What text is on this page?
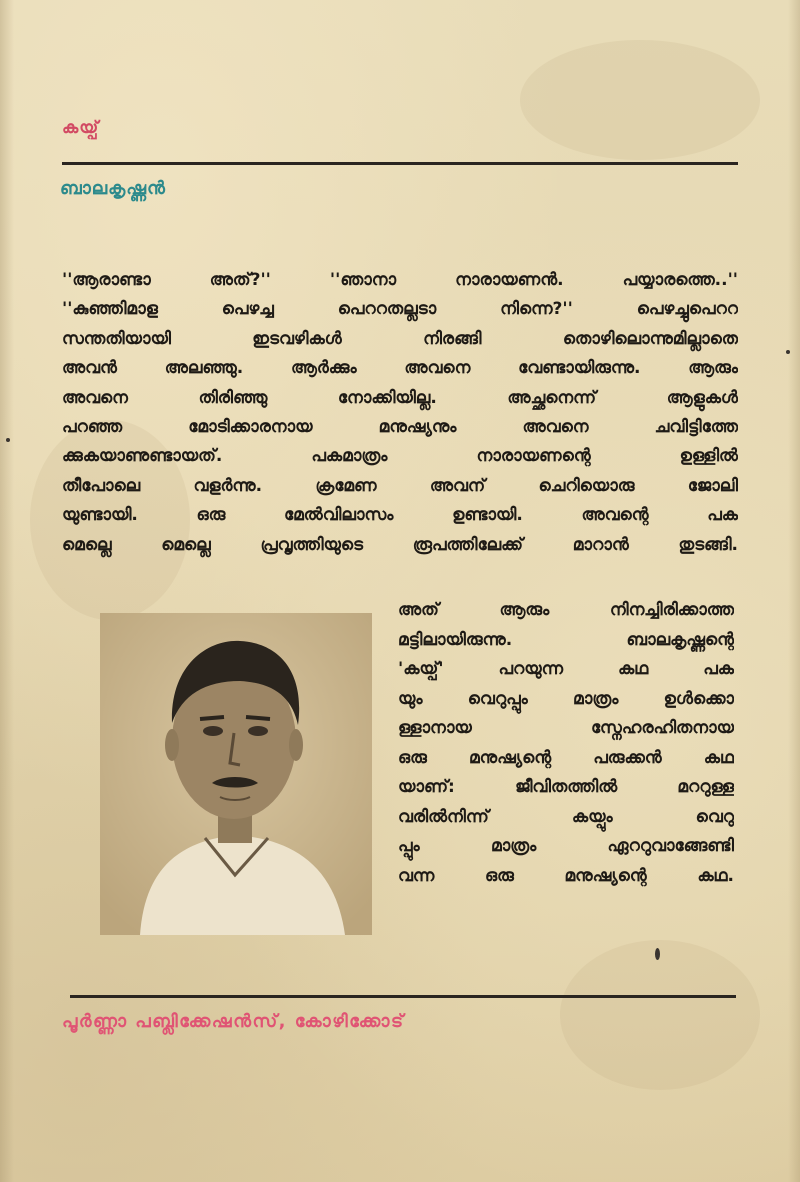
കയ്പ്
ബാലകൃഷ്ണൻ
''ആരാണ്ടാ അത്?'' ''ഞാനാ നാരായണൻ. പയ്യാരത്തെ..''
''കുഞ്ഞിമാള പെഴച്ച പെററതല്ലടാ നിന്നെ?'' പെഴച്ചുപെററ
സന്തതിയായി ഇടവഴികൾ നിരങ്ങി തൊഴിലൊന്നുമില്ലാതെ
അവൻ അലഞ്ഞു. ആർക്കും അവനെ വേണ്ടായിരുന്നു. ആരും
അവനെ തിരിഞ്ഞു നോക്കിയില്ല. അച്ഛനെന്ന് ആളുകൾ
പറഞ്ഞ മോടിക്കാരനായ മനുഷ്യനും അവനെ ചവിട്ടിത്തേ
ക്കുകയാണുണ്ടായത്. പകമാത്രം നാരായണന്റെ ഉള്ളിൽ
തീപോലെ വളർന്നു. ക്രമേണ അവന് ചെറിയൊരു ജോലി
യുണ്ടായി. ഒരു മേൽവിലാസം ഉണ്ടായി. അവന്റെ പക
മെല്ലെ മെല്ലെ പ്രവൃത്തിയുടെ രൂപത്തിലേക്ക് മാറാൻ തുടങ്ങി.
അത് ആരും നിനച്ചിരിക്കാത്ത
മട്ടിലായിരുന്നു. ബാലകൃഷ്ണന്റെ
'കയ്പ്' പറയുന്ന കഥ പക
യും വെറുപ്പും മാത്രം ഉൾക്കൊ
ള്ളാനായ സ്നേഹരഹിതനായ
ഒരു മനുഷ്യന്റെ പരുക്കൻ കഥ
യാണ്: ജീവിതത്തിൽ മററുള്ള
വരിൽനിന്ന് കയ്പും വെറു
പ്പും മാത്രം ഏററുവാങ്ങേണ്ടി
വന്ന ഒരു മനുഷ്യന്റെ കഥ.
പൂർണ്ണാ പബ്ലിക്കേഷൻസ്, കോഴിക്കോട്
